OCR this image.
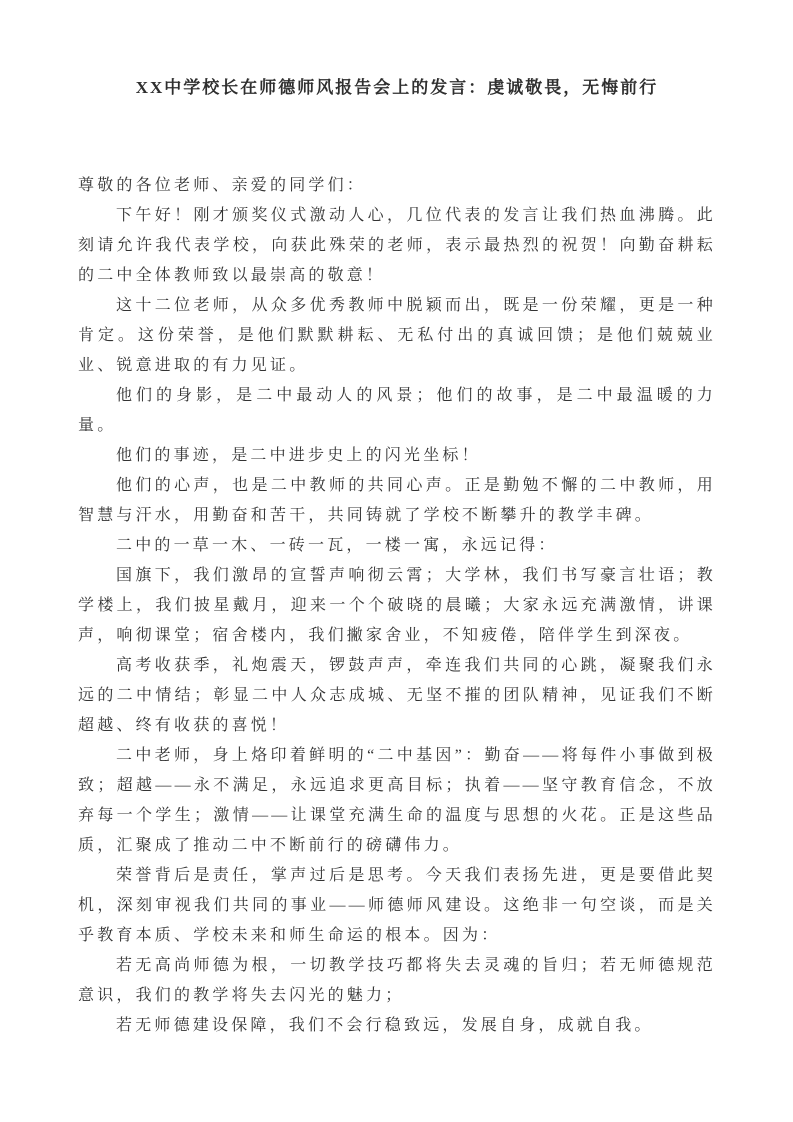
XX中学校长在师德师风报告会上的发言：虔诚敬畏，无悔前行

尊敬的各位老师、亲爱的同学们：

下午好！刚才颁奖仪式激动人心，几位代表的发言让我们热血沸腾。此刻请允许我代表学校，向获此殊荣的老师，表示最热烈的祝贺！向勤奋耕耘的二中全体教师致以最崇高的敬意！

这十二位老师，从众多优秀教师中脱颖而出，既是一份荣耀，更是一种肯定。这份荣誉，是他们默默耕耘、无私付出的真诚回馈；是他们兢兢业业、锐意进取的有力见证。

他们的身影，是二中最动人的风景；他们的故事，是二中最温暖的力量。

他们的事迹，是二中进步史上的闪光坐标！

他们的心声，也是二中教师的共同心声。正是勤勉不懈的二中教师，用智慧与汗水，用勤奋和苦干，共同铸就了学校不断攀升的教学丰碑。

二中的一草一木、一砖一瓦，一楼一寓，永远记得：

国旗下，我们激昂的宣誓声响彻云霄；大学林，我们书写豪言壮语；教学楼上，我们披星戴月，迎来一个个破晓的晨曦；大家永远充满激情，讲课声，响彻课堂；宿舍楼内，我们撇家舍业，不知疲倦，陪伴学生到深夜。

高考收获季，礼炮震天，锣鼓声声，牵连我们共同的心跳，凝聚我们永远的二中情结；彰显二中人众志成城、无坚不摧的团队精神，见证我们不断超越、终有收获的喜悦！

二中老师，身上烙印着鲜明的“二中基因”：勤奋——将每件小事做到极致；超越——永不满足，永远追求更高目标；执着——坚守教育信念，不放弃每一个学生；激情——让课堂充满生命的温度与思想的火花。正是这些品质，汇聚成了推动二中不断前行的磅礴伟力。

荣誉背后是责任，掌声过后是思考。今天我们表扬先进，更是要借此契机，深刻审视我们共同的事业——师德师风建设。这绝非一句空谈，而是关乎教育本质、学校未来和师生命运的根本。因为：

若无高尚师德为根，一切教学技巧都将失去灵魂的旨归；若无师德规范意识，我们的教学将失去闪光的魅力；

若无师德建设保障，我们不会行稳致远，发展自身，成就自我。
